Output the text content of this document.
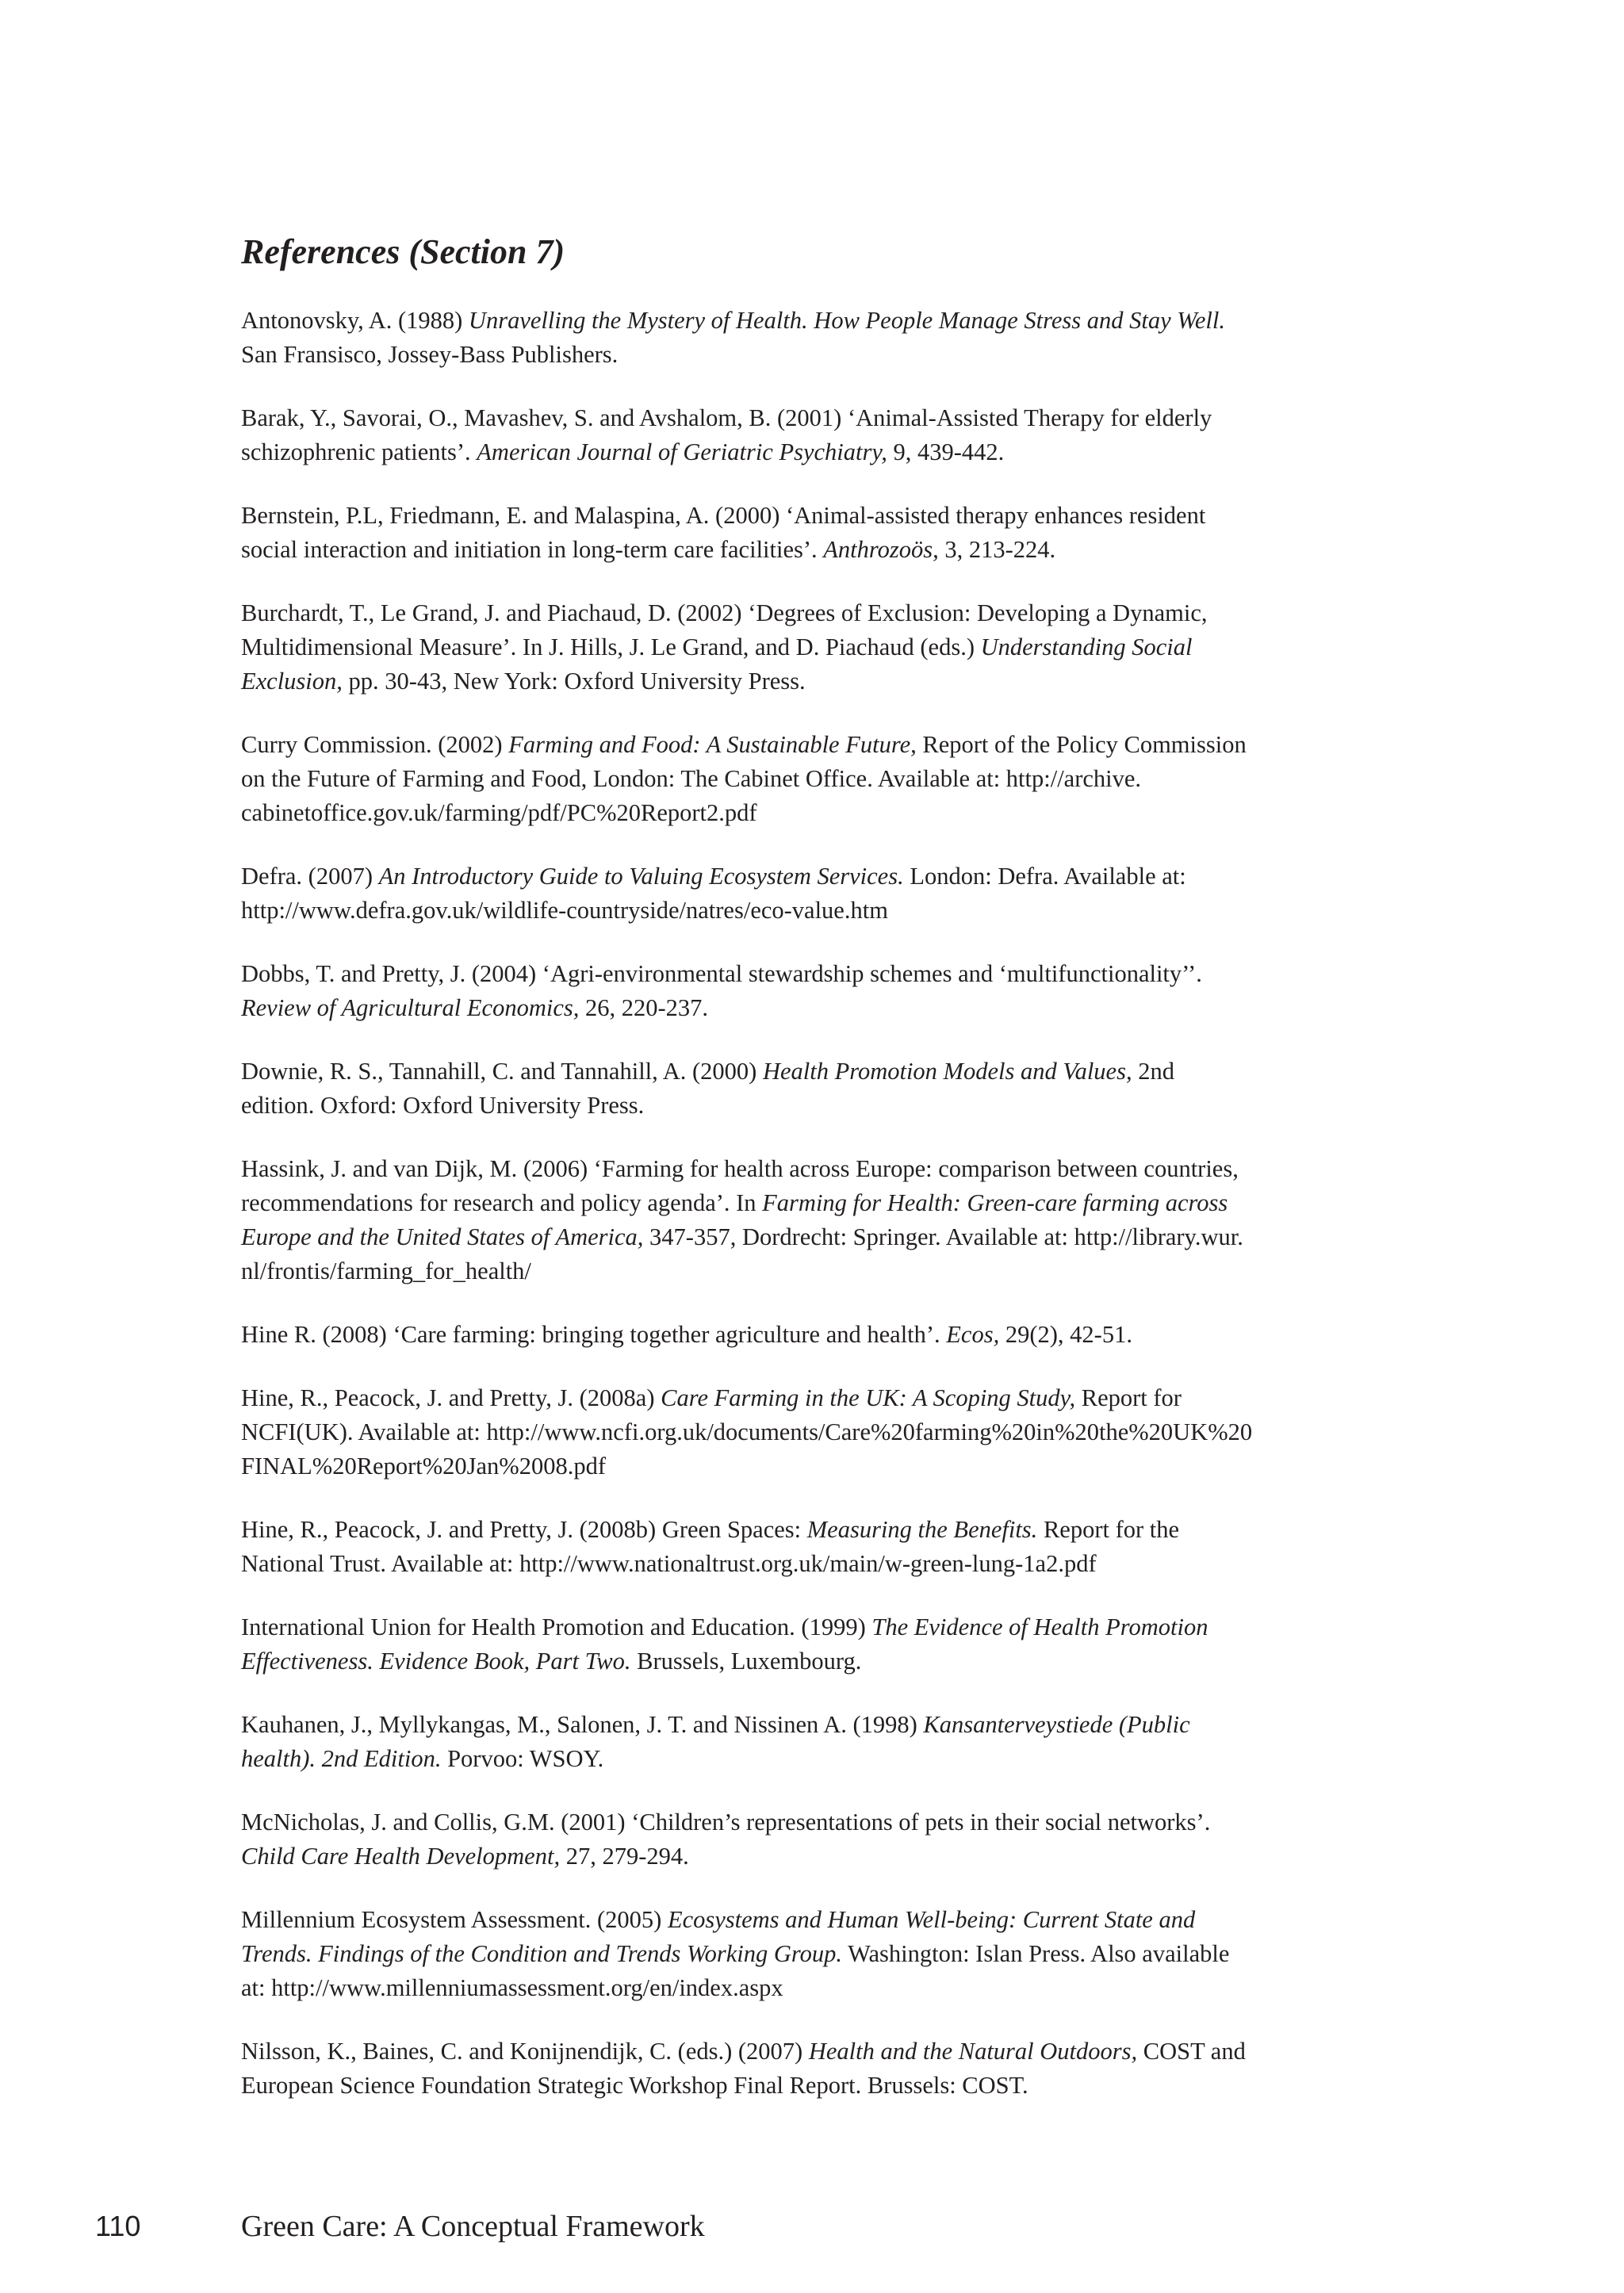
References (Section 7)

Antonovsky, A. (1988) Unravelling the Mystery of Health. How People Manage Stress and Stay Well.
San Fransisco, Jossey-Bass Publishers.

Barak, Y., Savorai, O., Mavashev, S. and Avshalom, B. (2001) ‘Animal-Assisted Therapy for elderly
schizophrenic patients’. American Journal of Geriatric Psychiatry, 9, 439-442.

Bernstein, P.L, Friedmann, E. and Malaspina, A. (2000) ‘Animal-assisted therapy enhances resident
social interaction and initiation in long-term care facilities’. Anthrozoös, 3, 213-224.

Burchardt, T., Le Grand, J. and Piachaud, D. (2002) ‘Degrees of Exclusion: Developing a Dynamic,
Multidimensional Measure’. In J. Hills, J. Le Grand, and D. Piachaud (eds.) Understanding Social
Exclusion, pp. 30-43, New York: Oxford University Press.

Curry Commission. (2002) Farming and Food: A Sustainable Future, Report of the Policy Commission
on the Future of Farming and Food, London: The Cabinet Office. Available at: http://archive.
cabinetoffice.gov.uk/farming/pdf/PC%20Report2.pdf

Defra. (2007) An Introductory Guide to Valuing Ecosystem Services. London: Defra. Available at:
http://www.defra.gov.uk/wildlife-countryside/natres/eco-value.htm

Dobbs, T. and Pretty, J. (2004) ‘Agri-environmental stewardship schemes and ‘multifunctionality’’.
Review of Agricultural Economics, 26, 220-237.

Downie, R. S., Tannahill, C. and Tannahill, A. (2000) Health Promotion Models and Values, 2nd
edition. Oxford: Oxford University Press.

Hassink, J. and van Dijk, M. (2006) ‘Farming for health across Europe: comparison between countries,
recommendations for research and policy agenda’. In Farming for Health: Green-care farming across
Europe and the United States of America, 347-357, Dordrecht: Springer. Available at: http://library.wur.
nl/frontis/farming_for_health/

Hine R. (2008) ‘Care farming: bringing together agriculture and health’. Ecos, 29(2), 42-51.

Hine, R., Peacock, J. and Pretty, J. (2008a) Care Farming in the UK: A Scoping Study, Report for
NCFI(UK). Available at: http://www.ncfi.org.uk/documents/Care%20farming%20in%20the%20UK%20
FINAL%20Report%20Jan%2008.pdf

Hine, R., Peacock, J. and Pretty, J. (2008b) Green Spaces: Measuring the Benefits. Report for the
National Trust. Available at: http://www.nationaltrust.org.uk/main/w-green-lung-1a2.pdf

International Union for Health Promotion and Education. (1999) The Evidence of Health Promotion
Effectiveness. Evidence Book, Part Two. Brussels, Luxembourg.

Kauhanen, J., Myllykangas, M., Salonen, J. T. and Nissinen A. (1998) Kansanterveystiede (Public
health). 2nd Edition. Porvoo: WSOY.

McNicholas, J. and Collis, G.M. (2001) ‘Children’s representations of pets in their social networks’.
Child Care Health Development, 27, 279-294.

Millennium Ecosystem Assessment. (2005) Ecosystems and Human Well-being: Current State and
Trends. Findings of the Condition and Trends Working Group. Washington: Islan Press. Also available
at: http://www.millenniumassessment.org/en/index.aspx

Nilsson, K., Baines, C. and Konijnendijk, C. (eds.) (2007) Health and the Natural Outdoors, COST and
European Science Foundation Strategic Workshop Final Report. Brussels: COST.

110	Green Care: A Conceptual Framework
